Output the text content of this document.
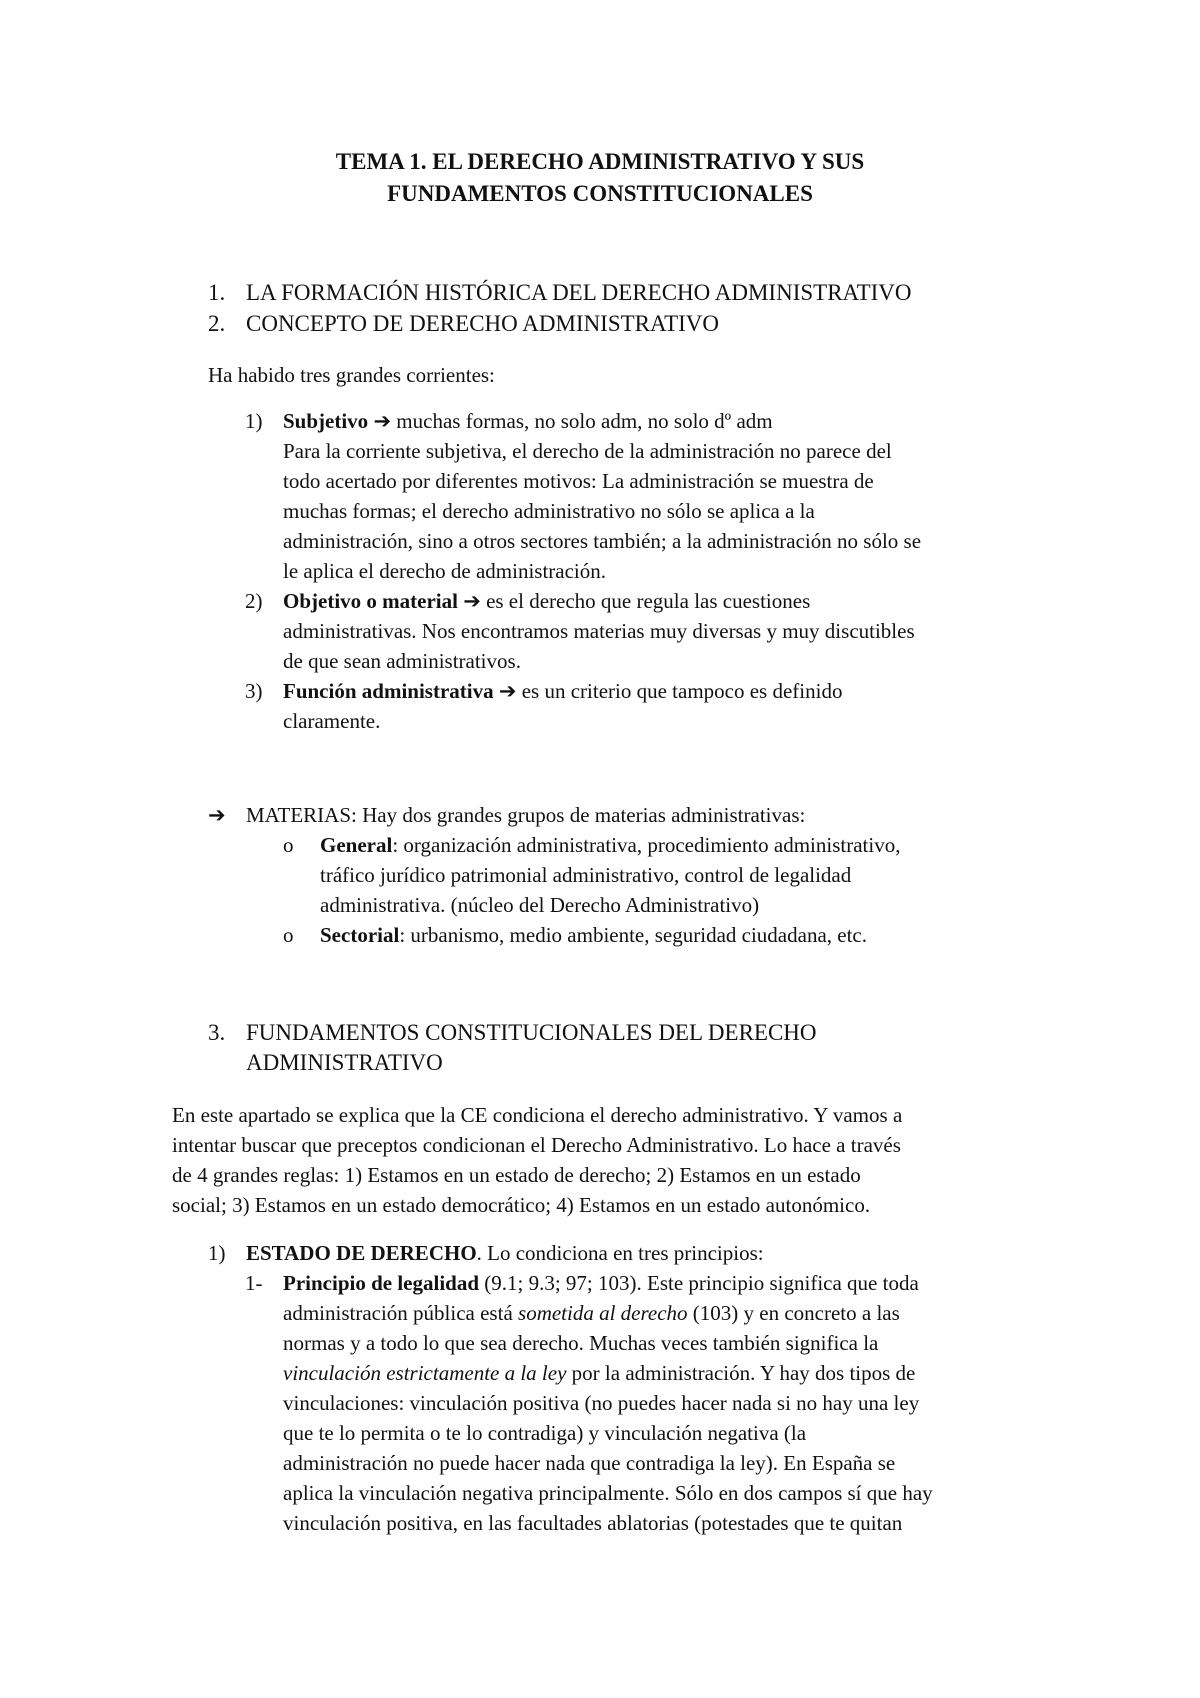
TEMA 1. EL DERECHO ADMINISTRATIVO Y SUS
FUNDAMENTOS CONSTITUCIONALES
1. LA FORMACIÓN HISTÓRICA DEL DERECHO ADMINISTRATIVO
2. CONCEPTO DE DERECHO ADMINISTRATIVO
Ha habido tres grandes corrientes:
1) Subjetivo ➔ muchas formas, no solo adm, no solo dº adm
Para la corriente subjetiva, el derecho de la administración no parece del
todo acertado por diferentes motivos: La administración se muestra de
muchas formas; el derecho administrativo no sólo se aplica a la
administración, sino a otros sectores también; a la administración no sólo se
le aplica el derecho de administración.
2) Objetivo o material ➔ es el derecho que regula las cuestiones
administrativas. Nos encontramos materias muy diversas y muy discutibles
de que sean administrativos.
3) Función administrativa ➔ es un criterio que tampoco es definido
claramente.
➔ MATERIAS: Hay dos grandes grupos de materias administrativas:
o General: organización administrativa, procedimiento administrativo,
tráfico jurídico patrimonial administrativo, control de legalidad
administrativa. (núcleo del Derecho Administrativo)
o Sectorial: urbanismo, medio ambiente, seguridad ciudadana, etc.
3. FUNDAMENTOS CONSTITUCIONALES DEL DERECHO
ADMINISTRATIVO
En este apartado se explica que la CE condiciona el derecho administrativo. Y vamos a
intentar buscar que preceptos condicionan el Derecho Administrativo. Lo hace a través
de 4 grandes reglas: 1) Estamos en un estado de derecho; 2) Estamos en un estado
social; 3) Estamos en un estado democrático; 4) Estamos en un estado autonómico.
1) ESTADO DE DERECHO. Lo condiciona en tres principios:
1- Principio de legalidad (9.1; 9.3; 97; 103). Este principio significa que toda
administración pública está sometida al derecho (103) y en concreto a las
normas y a todo lo que sea derecho. Muchas veces también significa la
vinculación estrictamente a la ley por la administración. Y hay dos tipos de
vinculaciones: vinculación positiva (no puedes hacer nada si no hay una ley
que te lo permita o te lo contradiga) y vinculación negativa (la
administración no puede hacer nada que contradiga la ley). En España se
aplica la vinculación negativa principalmente. Sólo en dos campos sí que hay
vinculación positiva, en las facultades ablatorias (potestades que te quitan
